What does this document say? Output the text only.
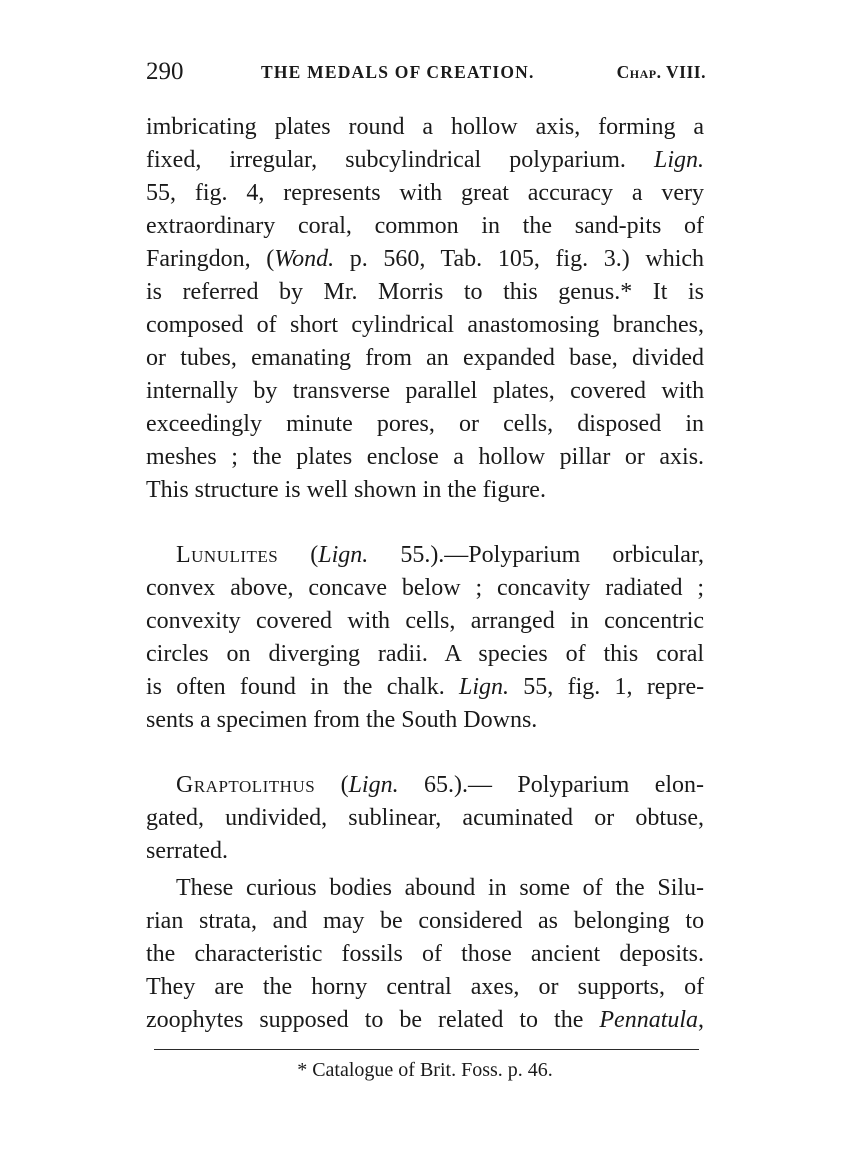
290	THE MEDALS OF CREATION.	Chap. VIII.

imbricating plates round a hollow axis, forming a
fixed, irregular, subcylindrical polyparium. Lign.
55, fig. 4, represents with great accuracy a very
extraordinary coral, common in the sand-pits of
Faringdon, (Wond. p. 560, Tab. 105, fig. 3.) which
is referred by Mr. Morris to this genus.* It is
composed of short cylindrical anastomosing branches,
or tubes, emanating from an expanded base, divided
internally by transverse parallel plates, covered with
exceedingly minute pores, or cells, disposed in
meshes ; the plates enclose a hollow pillar or axis.
This structure is well shown in the figure.

Lunulites (Lign. 55.).—Polyparium orbicular,
convex above, concave below ; concavity radiated ;
convexity covered with cells, arranged in concentric
circles on diverging radii. A species of this coral
is often found in the chalk. Lign. 55, fig. 1, repre-
sents a specimen from the South Downs.

Graptolithus (Lign. 65.).— Polyparium elon-
gated, undivided, sublinear, acuminated or obtuse,
serrated.

These curious bodies abound in some of the Silu-
rian strata, and may be considered as belonging to
the characteristic fossils of those ancient deposits.
They are the horny central axes, or supports, of
zoophytes supposed to be related to the Pennatula,

* Catalogue of Brit. Foss. p. 46.
